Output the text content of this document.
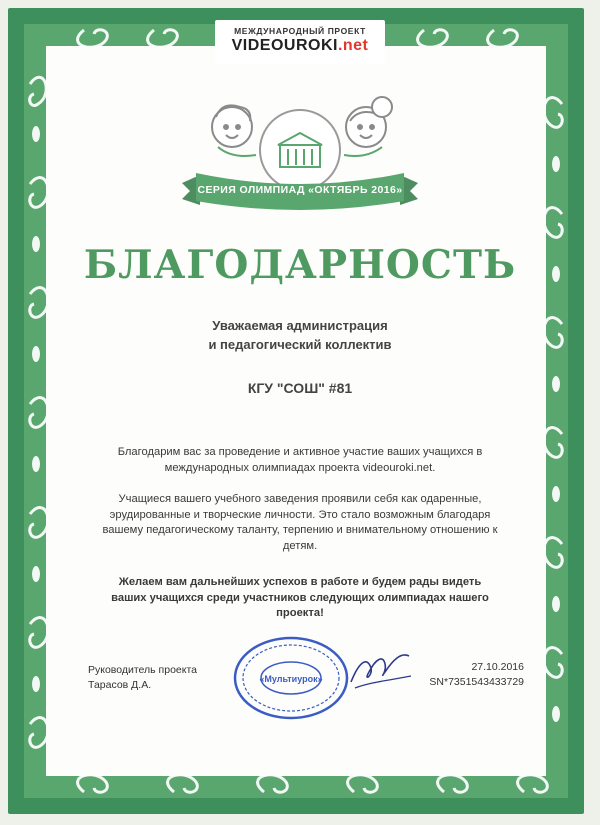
МЕЖДУНАРОДНЫЙ ПРОЕКТ
VIDEOUROKI.net
СЕРИЯ ОЛИМПИАД «ОКТЯБРЬ 2016»
БЛАГОДАРНОСТЬ
Уважаемая администрация
и педагогический коллектив
КГУ "СОШ" #81
Благодарим вас за проведение и активное участие ваших учащихся в международных олимпиадах проекта videouroki.net.
Учащиеся вашего учебного заведения проявили себя как одаренные, эрудированные и творческие личности. Это стало возможным благодаря вашему педагогическому таланту, терпению и внимательному отношению к детям.
Желаем вам дальнейших успехов в работе и будем рады видеть ваших учащихся среди участников следующих олимпиадах нашего проекта!
Руководитель проекта
Тарасов Д.А.	«Мультиурок»
27.10.2016
SN*7351543433729
